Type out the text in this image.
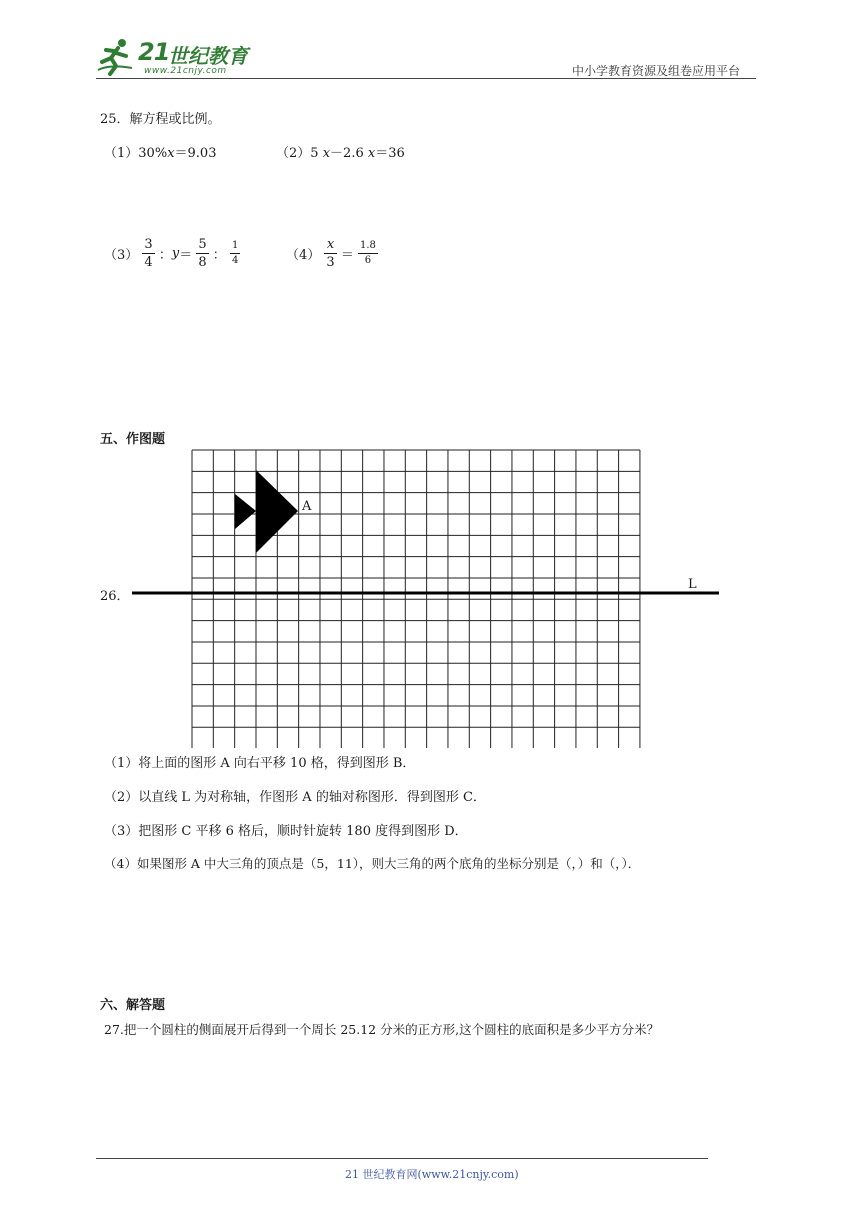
21
世纪教育
www.21cnjy.com	中小学教育资源及组卷应用平台
25．解方程或比例。
（1）30%x＝9.03	（2）5 x－2.6 x＝36
$(3) \frac{3}{4}$ ：$y= \frac{5}{8}$ ： $\frac{1}{4}$	$(4) \frac{x}{3} = \frac{1.8}{6}$
五、作图题
26．
A
L
（1）将上面的图形 A 向右平移 10 格，得到图形 B．
（2）以直线 L 为对称轴，作图形 A 的轴对称图形．得到图形 C．
（3）把图形 C 平移 6 格后，顺时针旋转 180 度得到图形 D．
（4）如果图形 A 中大三角的顶点是（5，11），则大三角的两个底角的坐标分别是（，）和（，）．
六、解答题
27.把一个圆柱的侧面展开后得到一个周长 25.12 分米的正方形,这个圆柱的底面积是多少平方分米？
21 世纪教育网(www.21cnjy.com)
